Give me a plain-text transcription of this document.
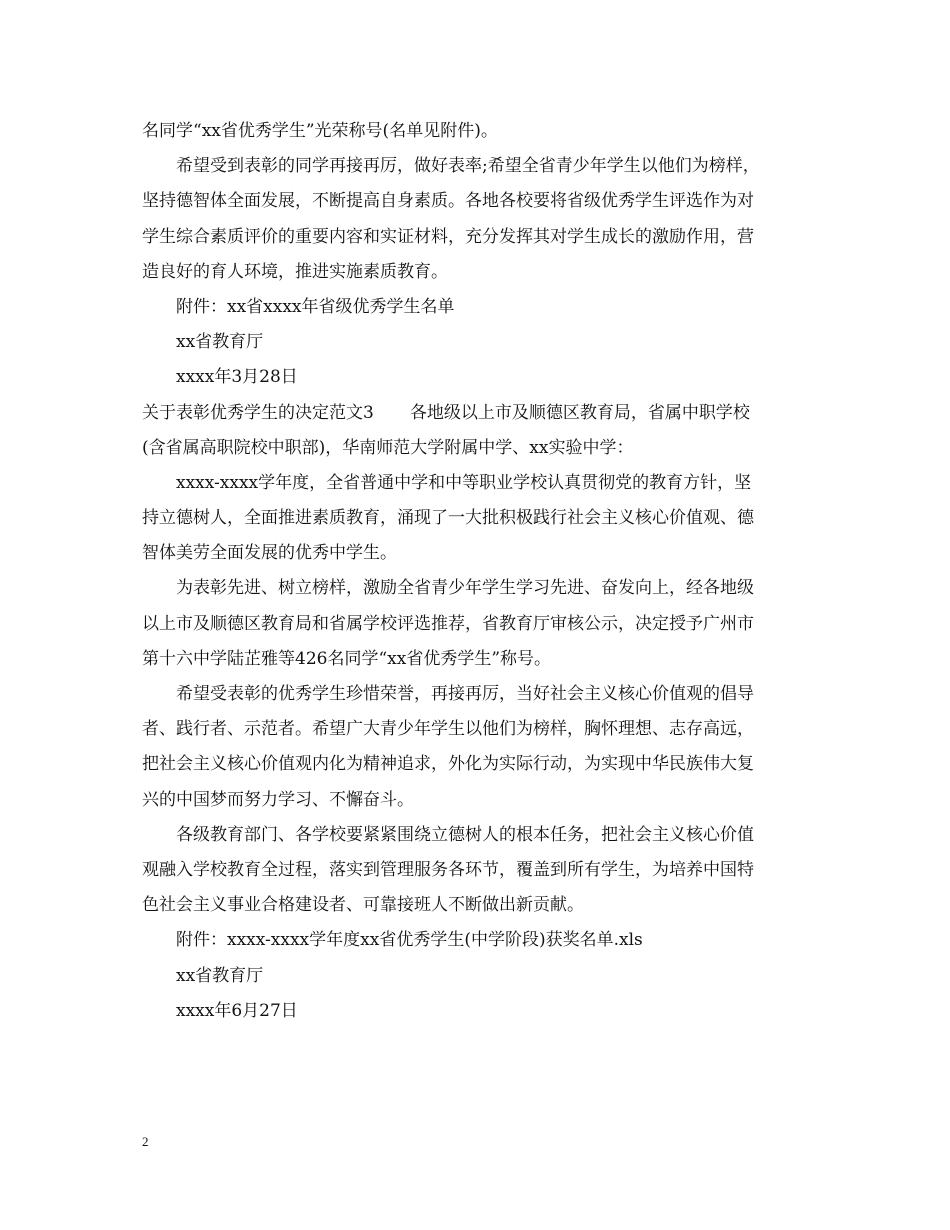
名同学“xx省优秀学生”光荣称号(名单见附件)。
希望受到表彰的同学再接再厉，做好表率;希望全省青少年学生以他们为榜样，
坚持德智体全面发展，不断提高自身素质。各地各校要将省级优秀学生评选作为对
学生综合素质评价的重要内容和实证材料，充分发挥其对学生成长的激励作用，营
造良好的育人环境，推进实施素质教育。
附件：xx省xxxx年省级优秀学生名单
xx省教育厅
xxxx年3月28日
关于表彰优秀学生的决定范文3 各地级以上市及顺德区教育局，省属中职学校
(含省属高职院校中职部)，华南师范大学附属中学、xx实验中学：
xxxx-xxxx学年度，全省普通中学和中等职业学校认真贯彻党的教育方针，坚
持立德树人，全面推进素质教育，涌现了一大批积极践行社会主义核心价值观、德
智体美劳全面发展的优秀中学生。
为表彰先进、树立榜样，激励全省青少年学生学习先进、奋发向上，经各地级
以上市及顺德区教育局和省属学校评选推荐，省教育厅审核公示，决定授予广州市
第十六中学陆芷雅等426名同学“xx省优秀学生”称号。
希望受表彰的优秀学生珍惜荣誉，再接再厉，当好社会主义核心价值观的倡导
者、践行者、示范者。希望广大青少年学生以他们为榜样，胸怀理想、志存高远，
把社会主义核心价值观内化为精神追求，外化为实际行动，为实现中华民族伟大复
兴的中国梦而努力学习、不懈奋斗。
各级教育部门、各学校要紧紧围绕立德树人的根本任务，把社会主义核心价值
观融入学校教育全过程，落实到管理服务各环节，覆盖到所有学生，为培养中国特
色社会主义事业合格建设者、可靠接班人不断做出新贡献。
附件：xxxx-xxxx学年度xx省优秀学生(中学阶段)获奖名单.xls
xx省教育厅
xxxx年6月27日
2
